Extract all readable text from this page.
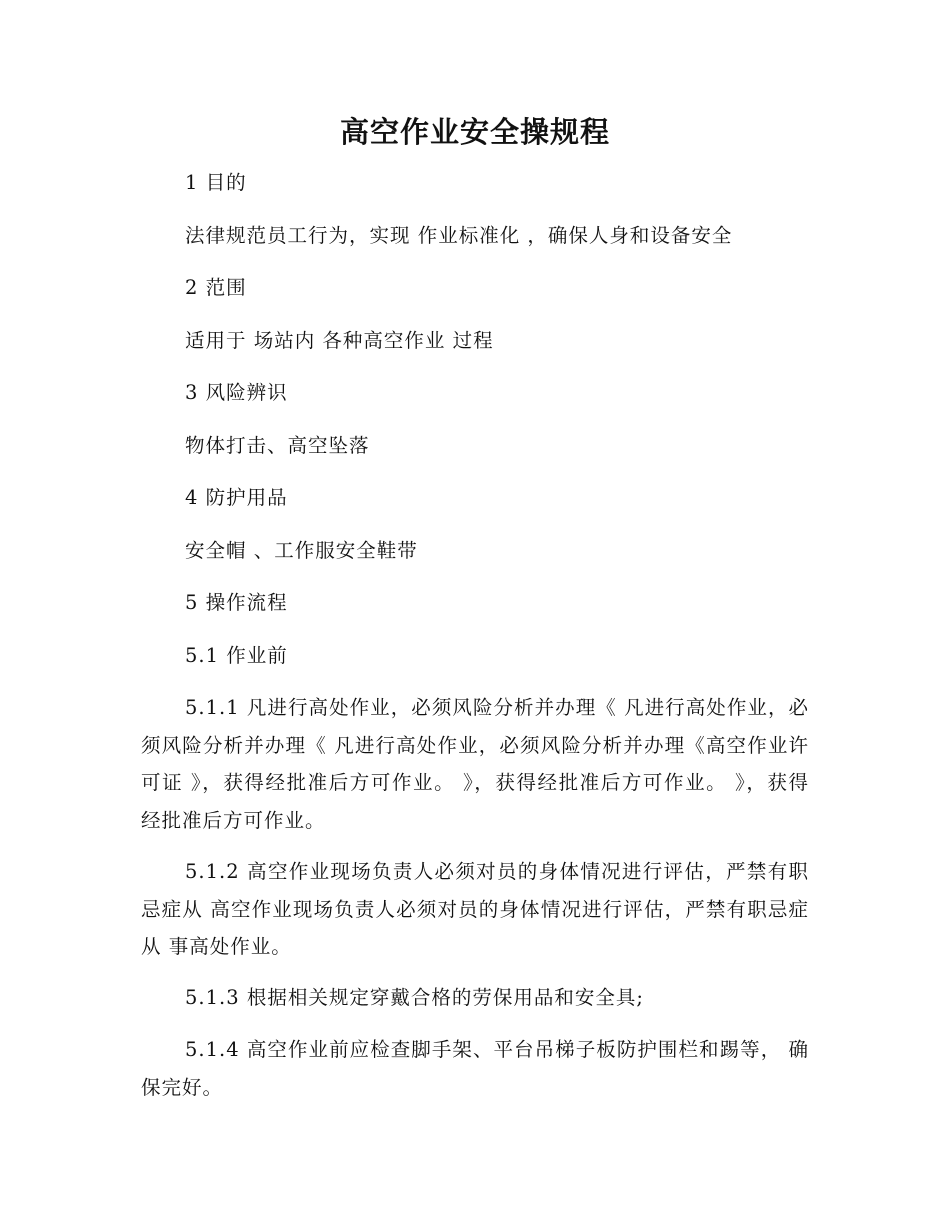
高空作业安全操规程
1 目的
法律规范员工行为，实现 作业标准化 ，确保人身和设备安全
2 范围
适用于 场站内 各种高空作业 过程
3 风险辨识
物体打击、高空坠落
4 防护用品
安全帽 、工作服安全鞋带
5 操作流程
5.1 作业前
5.1.1 凡进行高处作业，必须风险分析并办理《 凡进行高处作业，必须风险分析并办理《 凡进行高处作业，必须风险分析并办理《高空作业许可证 》，获得经批准后方可作业。 》，获得经批准后方可作业。 》，获得经批准后方可作业。
5.1.2 高空作业现场负责人必须对员的身体情况进行评估，严禁有职忌症从 高空作业现场负责人必须对员的身体情况进行评估，严禁有职忌症从 事高处作业。
5.1.3 根据相关规定穿戴合格的劳保用品和安全具;
5.1.4 高空作业前应检查脚手架、平台吊梯子板防护围栏和踢等， 确保完好。
